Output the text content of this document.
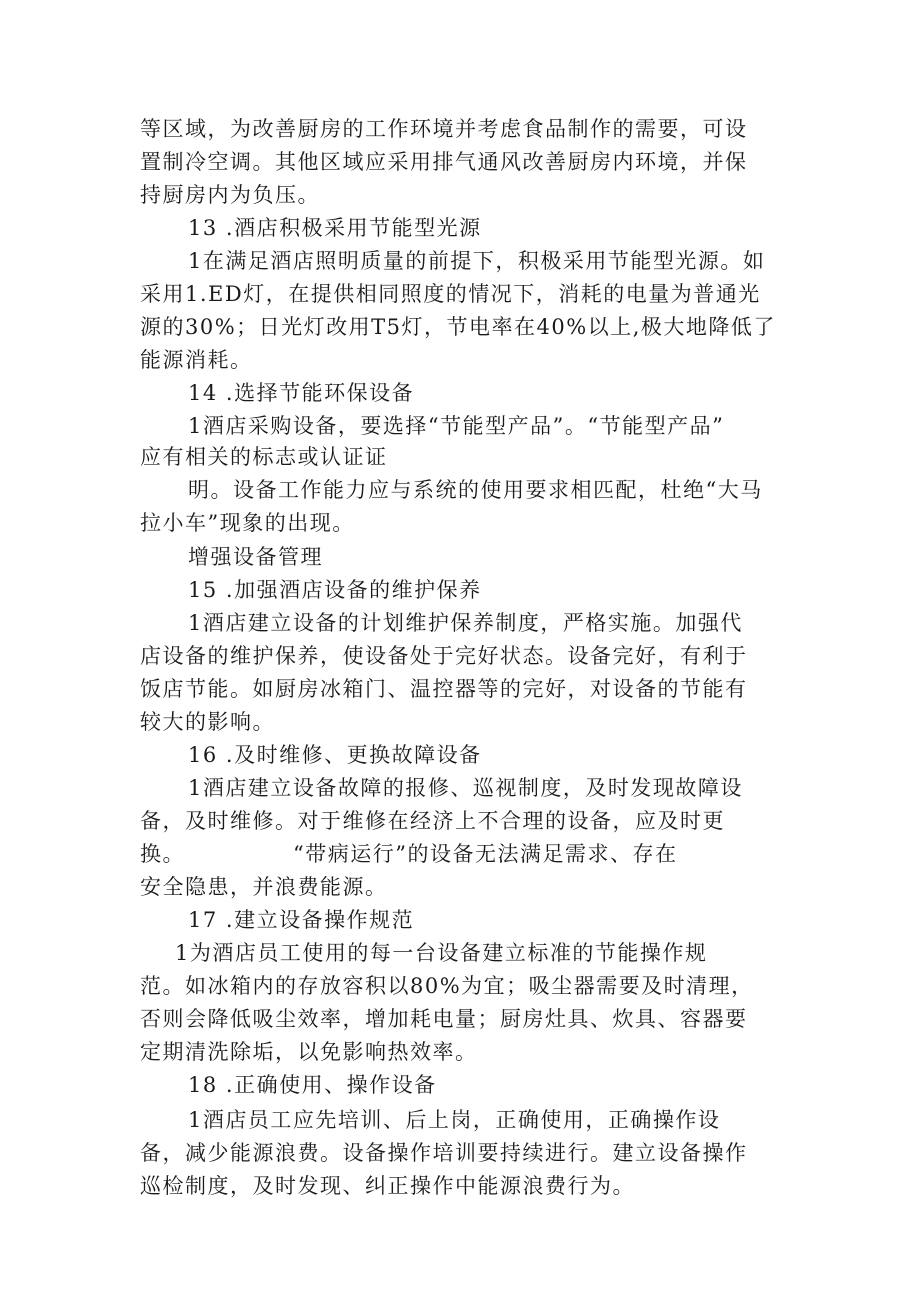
等区域，为改善厨房的工作环境并考虑食品制作的需要，可设

置制冷空调。其他区域应采用排气通风改善厨房内环境，并保

持厨房内为负压。

13 .酒店积极采用节能型光源

1在满足酒店照明质量的前提下，积极采用节能型光源。如

采用1.ED灯，在提供相同照度的情况下，消耗的电量为普通光

源的30%；日光灯改用T5灯，节电率在40%以上,极大地降低了

能源消耗。

14 .选择节能环保设备

1酒店采购设备，要选择“节能型产品”。“节能型产品”

应有相关的标志或认证证

明。设备工作能力应与系统的使用要求相匹配，杜绝“大马

拉小车”现象的出现。

增强设备管理

15 .加强酒店设备的维护保养

1酒店建立设备的计划维护保养制度，严格实施。加强代

店设备的维护保养，使设备处于完好状态。设备完好，有利于

饭店节能。如厨房冰箱门、温控器等的完好，对设备的节能有

较大的影响。

16 .及时维修、更换故障设备

1酒店建立设备故障的报修、巡视制度，及时发现故障设

备，及时维修。对于维修在经济上不合理的设备，应及时更

换。	“带病运行”的设备无法满足需求、存在

安全隐患，并浪费能源。

17 .建立设备操作规范

1为酒店员工使用的每一台设备建立标准的节能操作规

范。如冰箱内的存放容积以80%为宜；吸尘器需要及时清理，

否则会降低吸尘效率，增加耗电量；厨房灶具、炊具、容器要

定期清洗除垢，以免影响热效率。

18 .正确使用、操作设备

1酒店员工应先培训、后上岗，正确使用，正确操作设

备，减少能源浪费。设备操作培训要持续进行。建立设备操作

巡检制度，及时发现、纠正操作中能源浪费行为。
